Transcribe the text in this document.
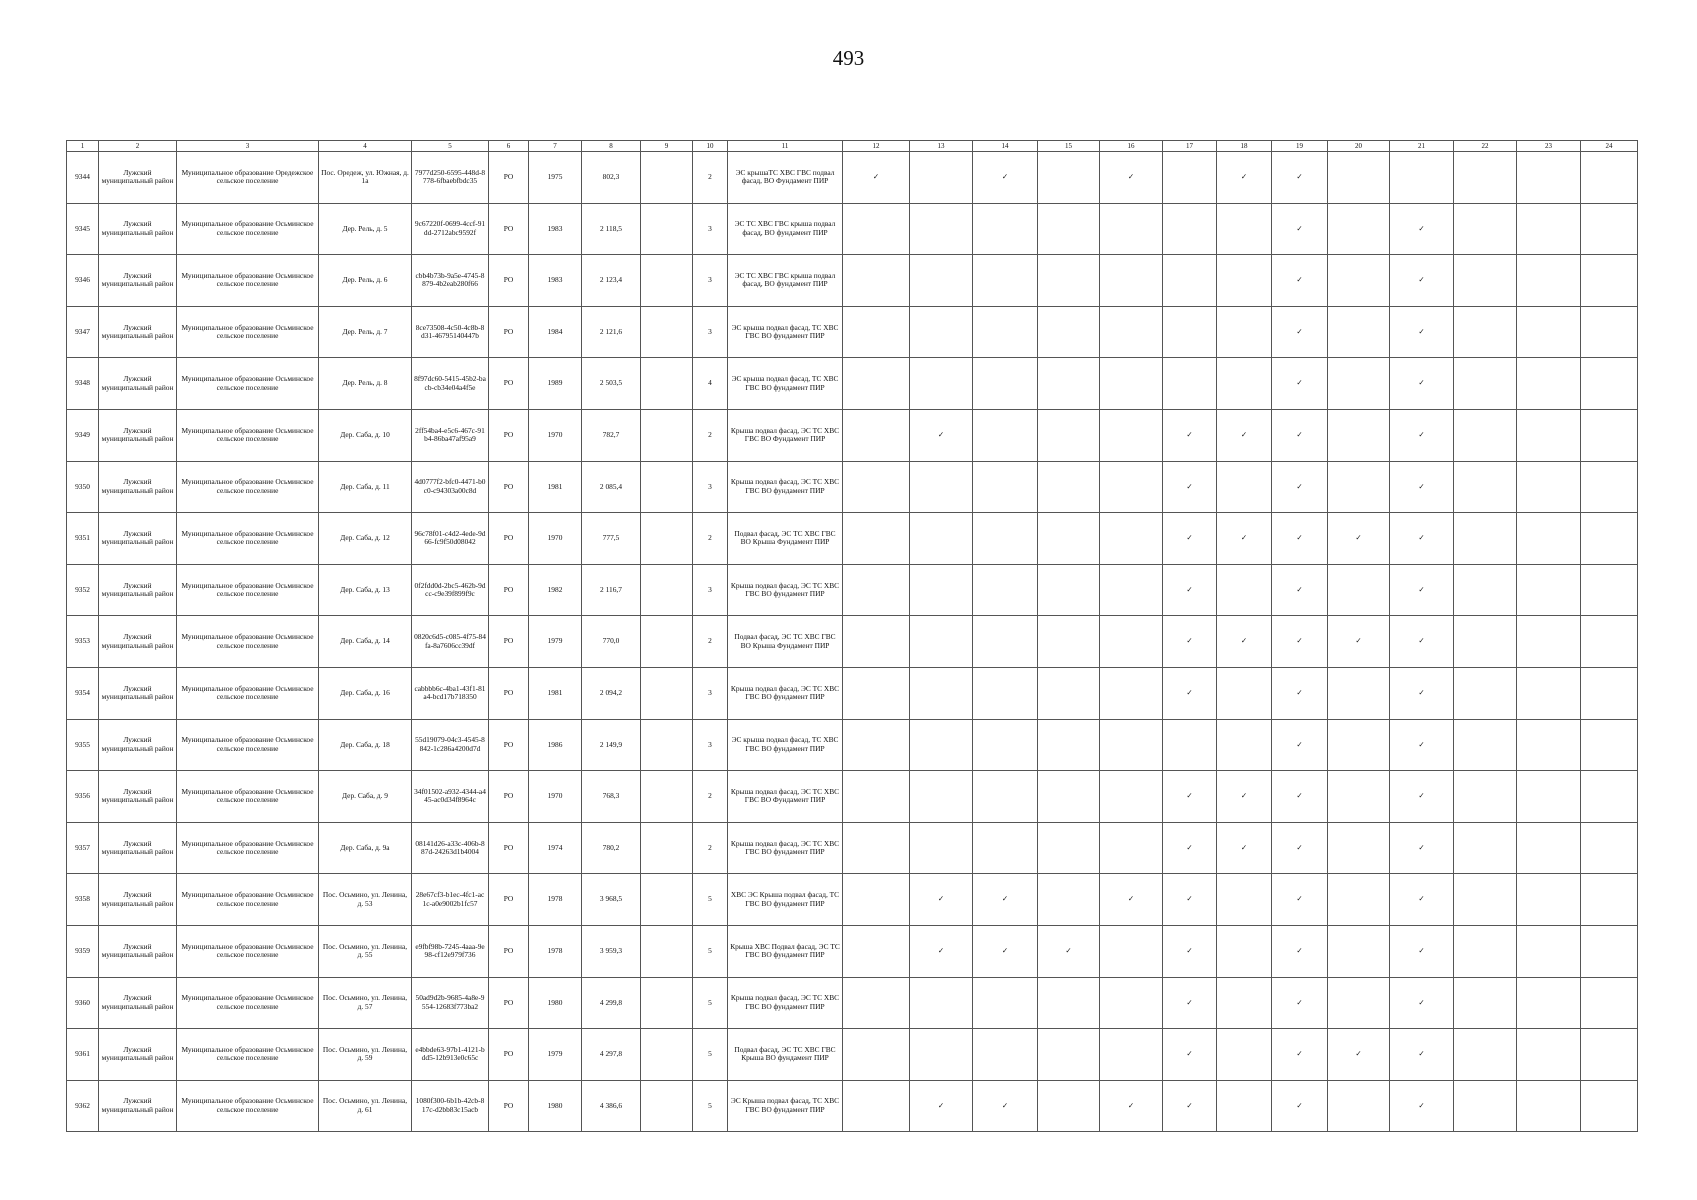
493
1	2	3	4	5	6	7	8	9	10	11	12	13	14	15	16	17	18	19	20	21	22	23	24
9344	Лужский муниципальный район	Муниципальное образование Оредежское сельское поселение	Пос. Оредеж, ул. Южная, д. 1а	7977d250-6595-448d-8778-6fbaebfbdc35	РО	1975	802,3		2	ЭС крышаТС ХВС ГВС подвал фасад, ВО Фундамент ПИР	✓		✓		✓		✓	✓					
9345	Лужский муниципальный район	Муниципальное образование Осьминское сельское поселение	Дер. Рель, д. 5	9c67220f-0699-4ccf-91dd-2712abc9592f	РО	1983	2 118,5		3	ЭС ТС ХВС ГВС крыша подвал фасад, ВО фундамент ПИР								✓		✓			
9346	Лужский муниципальный район	Муниципальное образование Осьминское сельское поселение	Дер. Рель, д. 6	cbb4b73b-9a5e-4745-8879-4b2eab280f66	РО	1983	2 123,4		3	ЭС ТС ХВС ГВС крыша подвал фасад, ВО фундамент ПИР								✓		✓			
9347	Лужский муниципальный район	Муниципальное образование Осьминское сельское поселение	Дер. Рель, д. 7	8ce73508-4c50-4c8b-8d31-46795140447b	РО	1984	2 121,6		3	ЭС крыша подвал фасад, ТС ХВС ГВС ВО фундамент ПИР								✓		✓			
9348	Лужский муниципальный район	Муниципальное образование Осьминское сельское поселение	Дер. Рель, д. 8	8f97dc60-5415-45b2-bacb-cb34e04a4f5e	РО	1989	2 503,5		4	ЭС крыша подвал фасад, ТС ХВС ГВС ВО фундамент ПИР								✓		✓			
9349	Лужский муниципальный район	Муниципальное образование Осьминское сельское поселение	Дер. Саба, д. 10	2ff54ba4-e5c6-467c-91b4-86ba47af95a9	РО	1970	782,7		2	Крыша подвал фасад, ЭС ТС ХВС ГВС ВО Фундамент ПИР		✓				✓	✓	✓		✓			
9350	Лужский муниципальный район	Муниципальное образование Осьминское сельское поселение	Дер. Саба, д. 11	4d0777f2-bfc0-4471-b0c0-c94303a00c8d	РО	1981	2 085,4		3	Крыша подвал фасад, ЭС ТС ХВС ГВС ВО фундамент ПИР						✓		✓		✓			
9351	Лужский муниципальный район	Муниципальное образование Осьминское сельское поселение	Дер. Саба, д. 12	96c78f01-c4d2-4ede-9d66-fc9f50d08042	РО	1970	777,5		2	Подвал фасад, ЭС ТС ХВС ГВС ВО Крыша Фундамент ПИР						✓	✓	✓	✓	✓			
9352	Лужский муниципальный район	Муниципальное образование Осьминское сельское поселение	Дер. Саба, д. 13	0f2fdd0d-2bc5-462b-9dcc-c9e39f899f9c	РО	1982	2 116,7		3	Крыша подвал фасад, ЭС ТС ХВС ГВС ВО фундамент ПИР						✓		✓		✓			
9353	Лужский муниципальный район	Муниципальное образование Осьминское сельское поселение	Дер. Саба, д. 14	0820c6d5-c085-4f75-84fa-8a7606cc39df	РО	1979	770,0		2	Подвал фасад, ЭС ТС ХВС ГВС ВО Крыша Фундамент ПИР						✓	✓	✓	✓	✓			
9354	Лужский муниципальный район	Муниципальное образование Осьминское сельское поселение	Дер. Саба, д. 16	cabbbb6c-4ba1-43f1-81a4-bcd17b718350	РО	1981	2 094,2		3	Крыша подвал фасад, ЭС ТС ХВС ГВС ВО фундамент ПИР						✓		✓		✓			
9355	Лужский муниципальный район	Муниципальное образование Осьминское сельское поселение	Дер. Саба, д. 18	55d19079-04c3-4545-8842-1c286a4200d7d	РО	1986	2 149,9		3	ЭС крыша подвал фасад, ТС ХВС ГВС ВО фундамент ПИР								✓		✓			
9356	Лужский муниципальный район	Муниципальное образование Осьминское сельское поселение	Дер. Саба, д. 9	34f01502-a932-4344-a445-ac0d34f8964c	РО	1970	768,3		2	Крыша подвал фасад, ЭС ТС ХВС ГВС ВО Фундамент ПИР						✓	✓	✓		✓			
9357	Лужский муниципальный район	Муниципальное образование Осьминское сельское поселение	Дер. Саба, д. 9а	08141d26-a33c-406b-887d-24263d1b4004	РО	1974	780,2		2	Крыша подвал фасад, ЭС ТС ХВС ГВС ВО фундамент ПИР						✓	✓	✓		✓			
9358	Лужский муниципальный район	Муниципальное образование Осьминское сельское поселение	Пос. Осьмино, ул. Ленина, д. 53	28e67cf3-b1ec-4fc1-ac1c-a0e9002b1fc57	РО	1978	3 968,5		5	ХВС ЭС Крыша подвал фасад, ТС ГВС ВО фундамент ПИР		✓	✓		✓	✓		✓		✓			
9359	Лужский муниципальный район	Муниципальное образование Осьминское сельское поселение	Пос. Осьмино, ул. Ленина, д. 55	e9fbf98b-7245-4aaa-9e98-cf12e979f736	РО	1978	3 959,3		5	Крыша ХВС Подвал фасад, ЭС ТС ГВС ВО фундамент ПИР		✓	✓	✓		✓		✓		✓			
9360	Лужский муниципальный район	Муниципальное образование Осьминское сельское поселение	Пос. Осьмино, ул. Ленина, д. 57	50ad9d2b-9685-4a8e-9554-12683f773ba2	РО	1980	4 299,8		5	Крыша подвал фасад, ЭС ТС ХВС ГВС ВО фундамент ПИР						✓		✓		✓			
9361	Лужский муниципальный район	Муниципальное образование Осьминское сельское поселение	Пос. Осьмино, ул. Ленина, д. 59	e4bbde63-97b1-4121-bdd5-12b913e0c65c	РО	1979	4 297,8		5	Подвал фасад, ЭС ТС ХВС ГВС Крыша ВО фундамент ПИР						✓		✓	✓	✓			
9362	Лужский муниципальный район	Муниципальное образование Осьминское сельское поселение	Пос. Осьмино, ул. Ленина, д. 61	1080f300-6b1b-42cb-817c-d2bb83c15acb	РО	1980	4 386,6		5	ЭС Крыша подвал фасад, ТС ХВС ГВС ВО фундамент ПИР		✓	✓		✓	✓		✓		✓			
